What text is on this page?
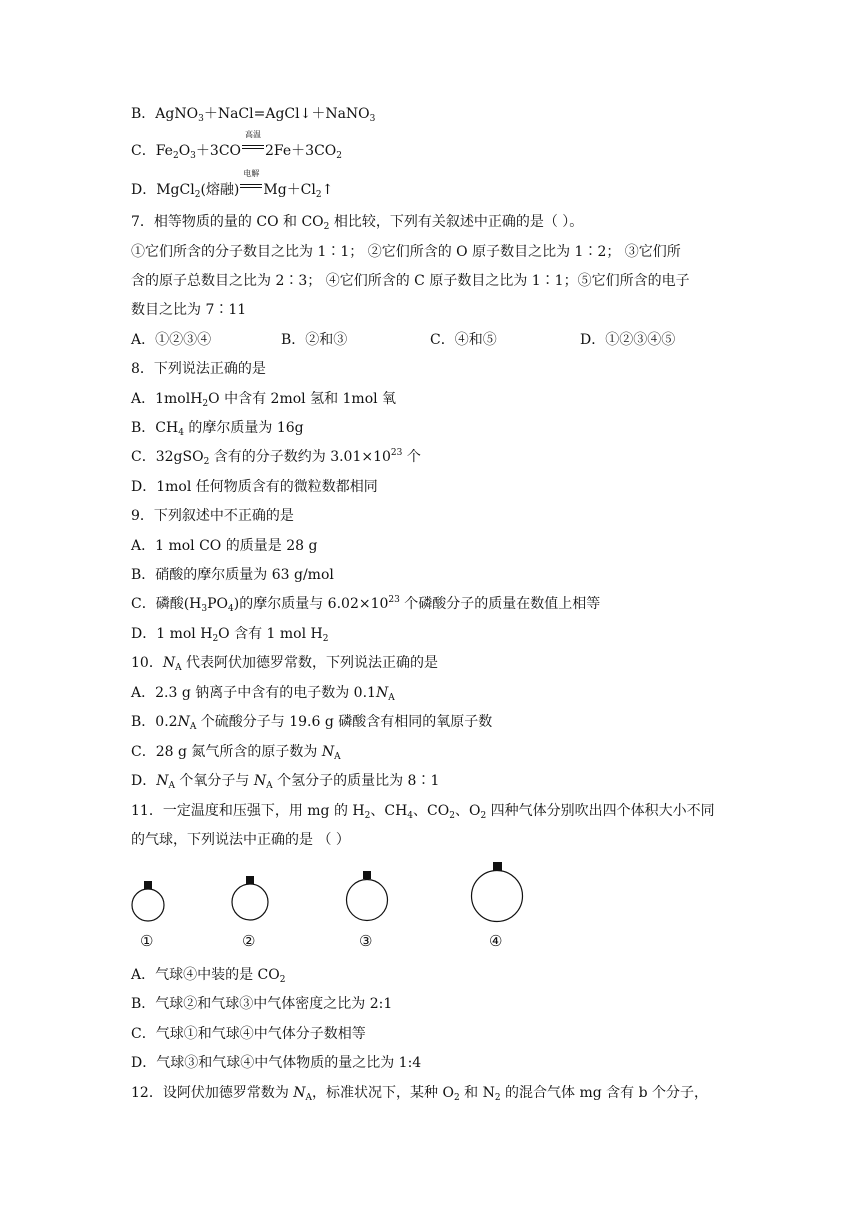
B．AgNO$_3$＋NaCl=AgCl↓＋NaNO$_3$
C．$Fe_2O_3+3CO$
高温
$2Fe+3CO_2$
D．MgCl$_2$(熔融)
电解
$Mg+Cl_2↑$
7．相等物质的量的 CO 和 $CO_2$ 相比较，下列有关叙述中正确的是（ ）。
①它们所含的分子数目之比为 1∶1； ②它们所含的 O 原子数目之比为 1∶2； ③它们所
含的原子总数目之比为 2∶3； ④它们所含的 C 原子数目之比为 1∶1；⑤它们所含的电子
数目之比为 7∶11
A．①②③④	B．②和③	C．④和⑤	D．①②③④⑤
8．下列说法正确的是
A．1molH$_2$O 中含有 2mol 氢和 1mol 氧
B．$CH_4$ 的摩尔质量为 16g
C．32gSO$_2$ 含有的分子数约为 $3.01\times 10^{23}$ 个
D．1mol 任何物质含有的微粒数都相同
9．下列叙述中不正确的是
A．1 mol CO 的质量是 28 g
B．硝酸的摩尔质量为 63 g/mol
C．磷酸$(H_3PO_4)$的摩尔质量与 $6.02\times 10^{23}$ 个磷酸分子的质量在数值上相等
D．1 mol $H_2O$ 含有 1 mol $H_2$
10．$N_A$ 代表阿伏加德罗常数，下列说法正确的是
A．2.3 g 钠离子中含有的电子数为 $0.1N_A$
B．$0.2N_A$ 个硫酸分子与 19.6 g 磷酸含有相同的氧原子数
C．28 g 氮气所含的原子数为 $N_A$
D．$N_A$ 个氧分子与 $N_A$ 个氢分子的质量比为 8∶1
11．一定温度和压强下，用 mg 的 $H_2$、$CH_4$、$CO_2$、$O_2$ 四种气体分别吹出四个体积大小不同
的气球，下列说法中正确的是 （ ）
①	②	③	④
A．气球④中装的是 $CO_2$
B．气球②和气球③中气体密度之比为 2:1
C．气球①和气球④中气体分子数相等
D．气球③和气球④中气体物质的量之比为 1:4
12．设阿伏加德罗常数为 $N_A$，标准状况下，某种 $O_2$ 和 $N_2$ 的混合气体 mg 含有 b 个分子，
